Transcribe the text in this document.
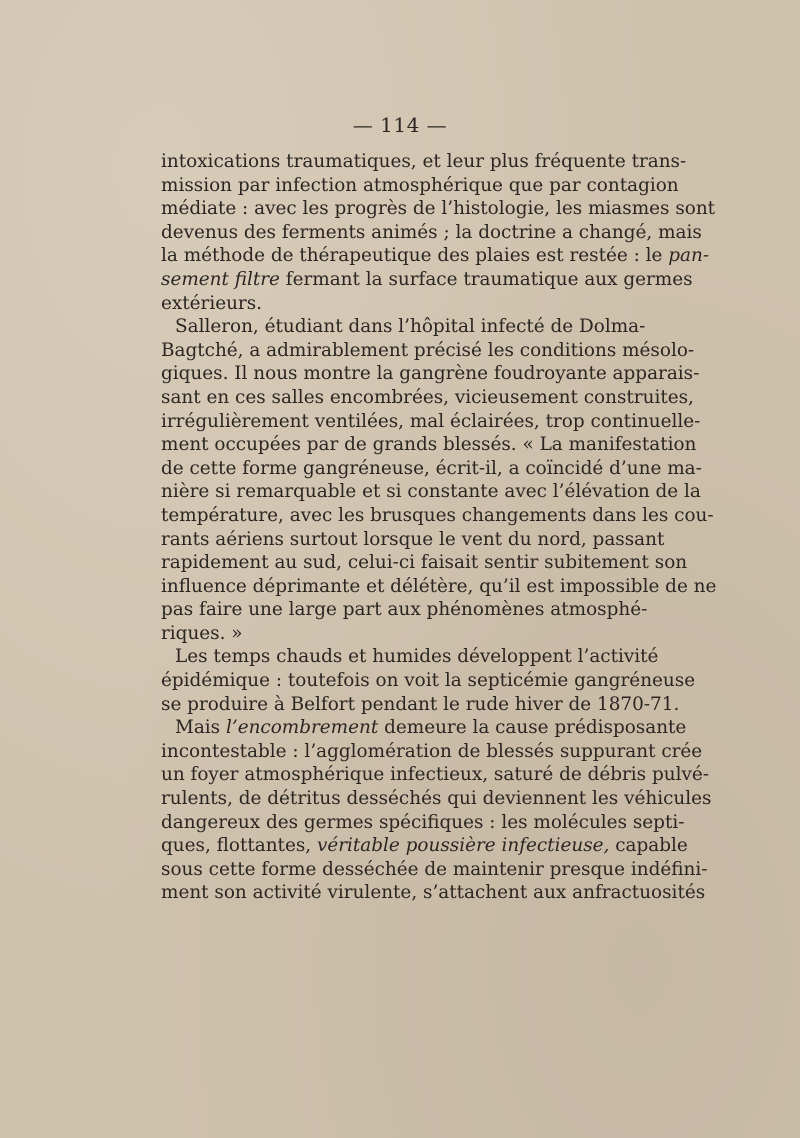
— 114 —
intoxications traumatiques, et leur plus fréquente trans-
mission par infection atmosphérique que par contagion
médiate : avec les progrès de l’histologie, les miasmes sont
devenus des ferments animés ; la doctrine a changé, mais
la méthode de thérapeutique des plaies est restée : le pan-
sement filtre fermant la surface traumatique aux germes
extérieurs.
Salleron, étudiant dans l’hôpital infecté de Dolma-
Bagtché, a admirablement précisé les conditions mésolo-
giques. Il nous montre la gangrène foudroyante apparais-
sant en ces salles encombrées, vicieusement construites,
irrégulièrement ventilées, mal éclairées, trop continuelle-
ment occupées par de grands blessés. « La manifestation
de cette forme gangréneuse, écrit-il, a coïncidé d’une ma-
nière si remarquable et si constante avec l’élévation de la
température, avec les brusques changements dans les cou-
rants aériens surtout lorsque le vent du nord, passant
rapidement au sud, celui-ci faisait sentir subitement son
influence déprimante et délétère, qu’il est impossible de ne
pas faire une large part aux phénomènes atmosphé-
riques. »
Les temps chauds et humides développent l’activité
épidémique : toutefois on voit la septicémie gangréneuse
se produire à Belfort pendant le rude hiver de 1870-71.
Mais l’encombrement demeure la cause prédisposante
incontestable : l’agglomération de blessés suppurant crée
un foyer atmosphérique infectieux, saturé de débris pulvé-
rulents, de détritus desséchés qui deviennent les véhicules
dangereux des germes spécifiques : les molécules septi-
ques, flottantes, véritable poussière infectieuse, capable
sous cette forme desséchée de maintenir presque indéfini-
ment son activité virulente, s’attachent aux anfractuosités
